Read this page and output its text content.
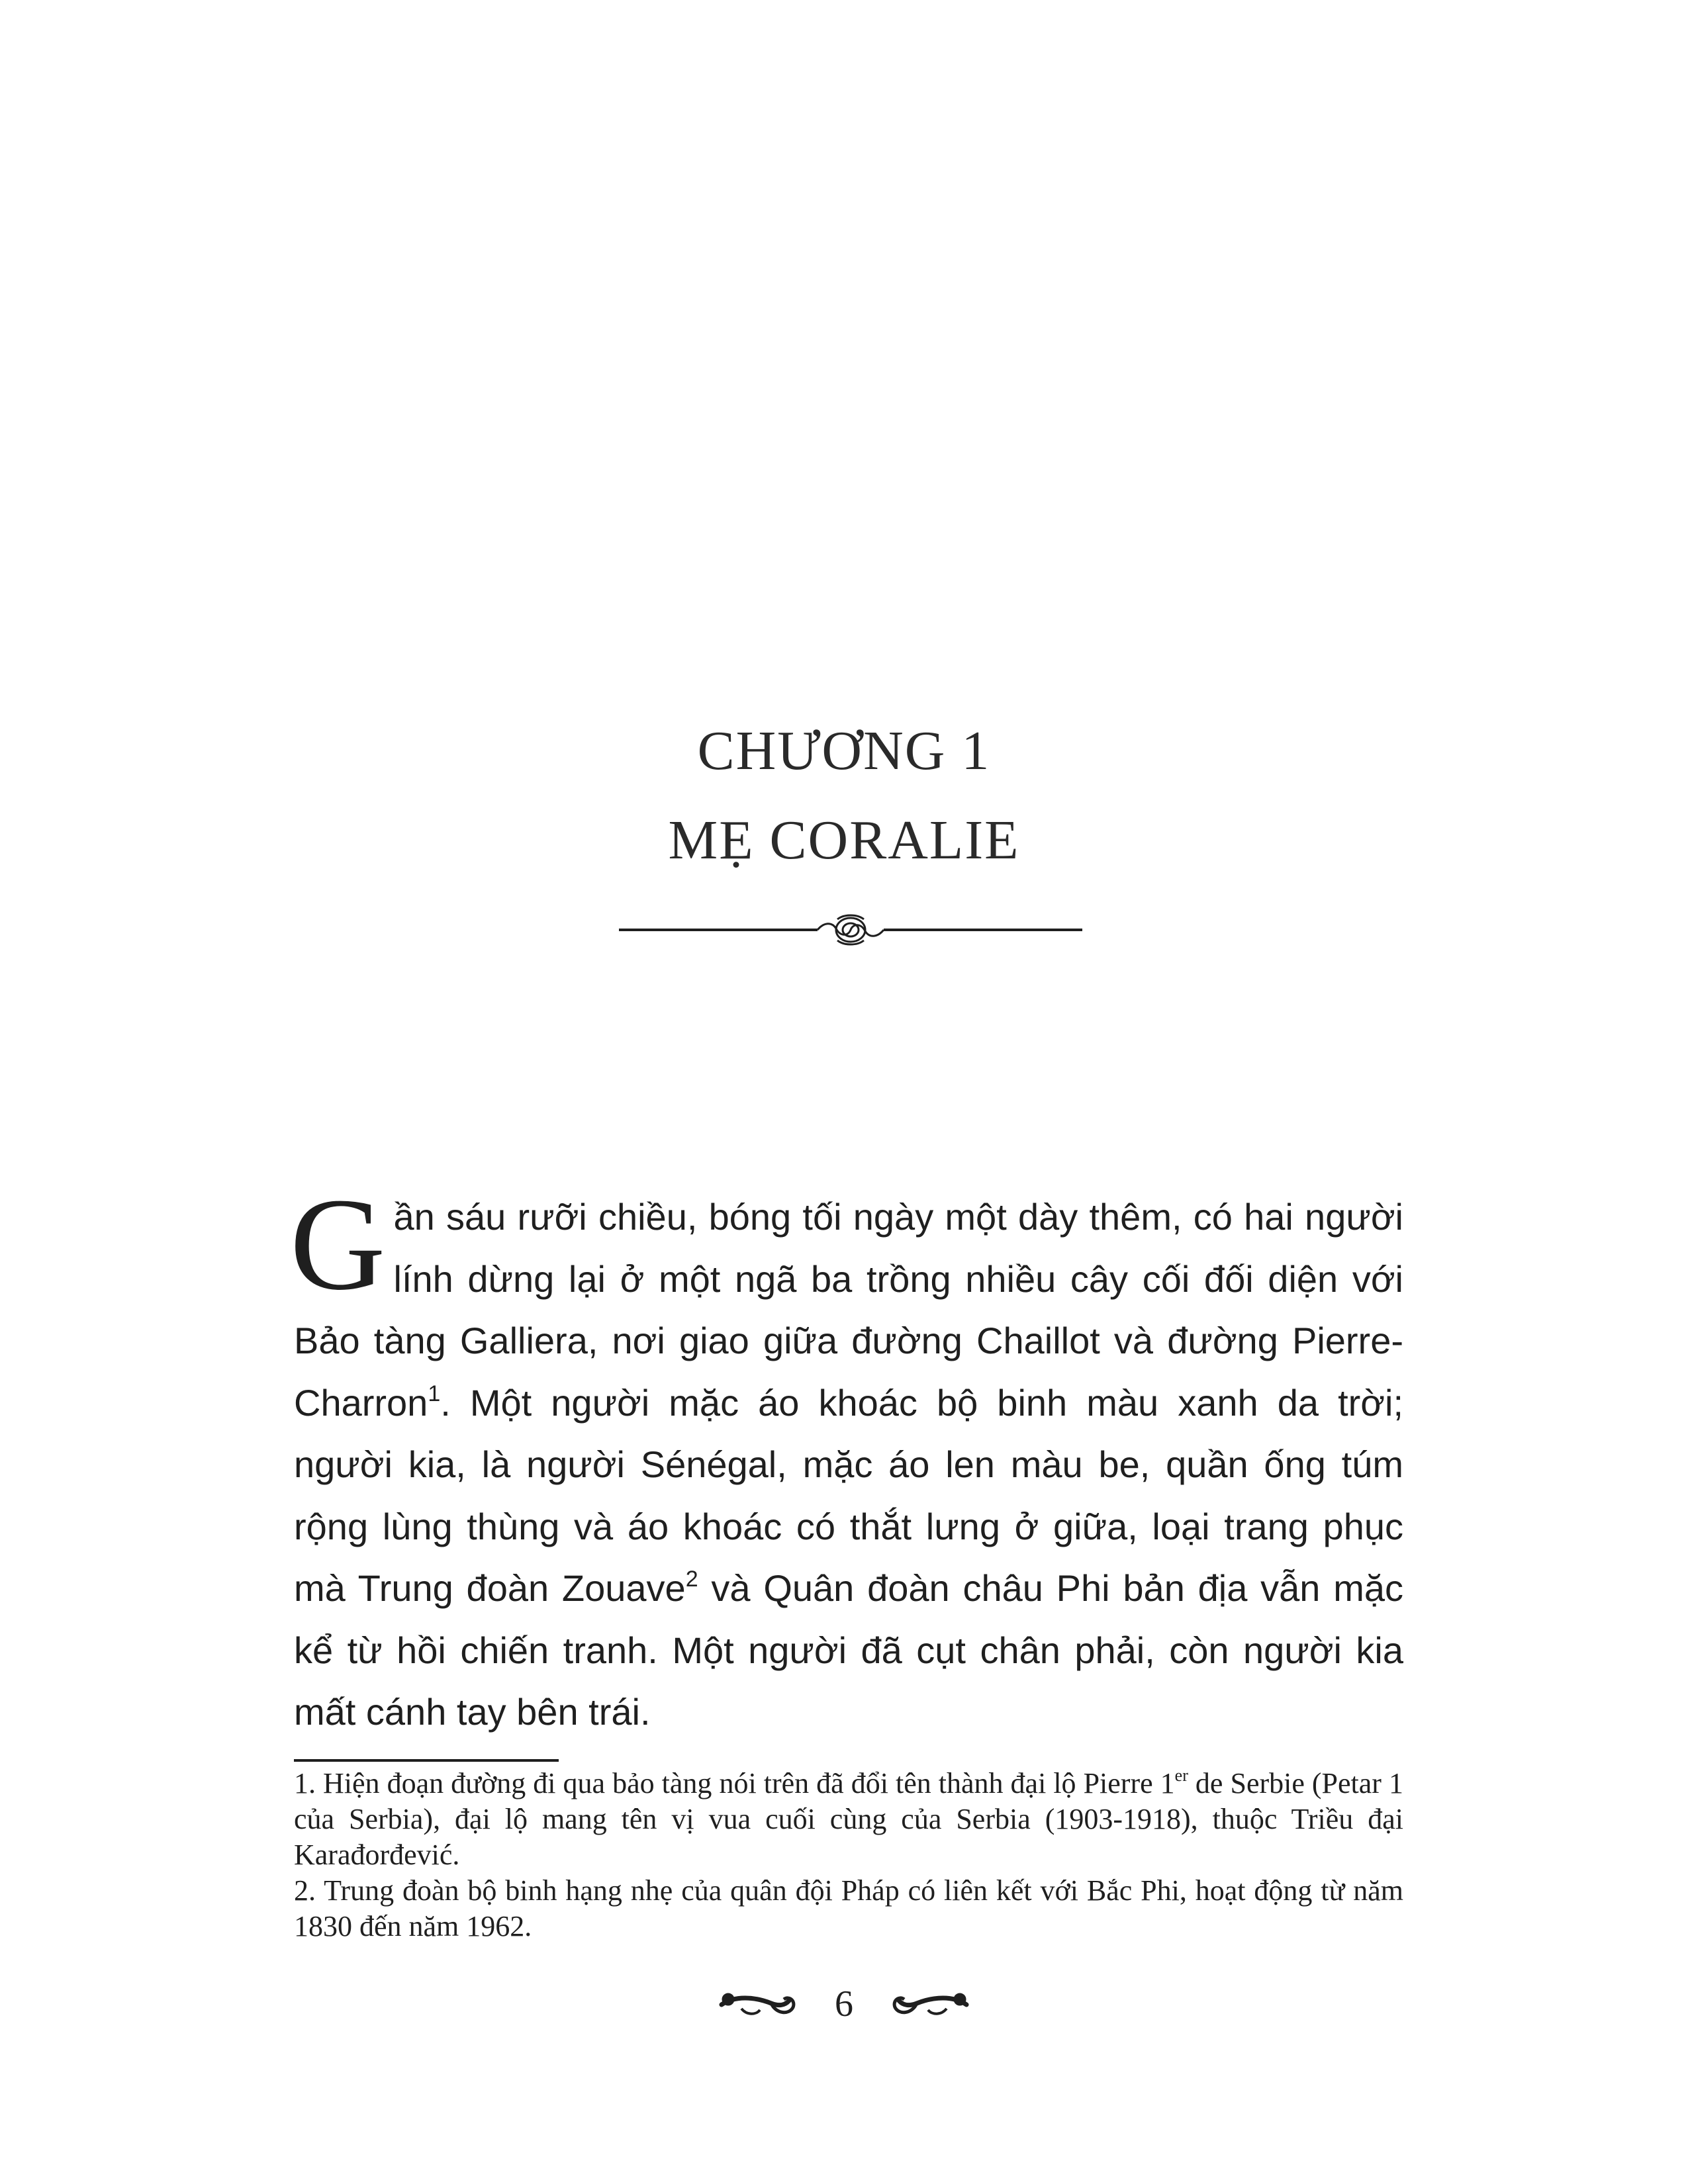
CHƯƠNG 1
MẸ CORALIE

Gần sáu rưỡi chiều, bóng tối ngày một dày thêm, có hai người lính dừng lại ở một ngã ba trồng nhiều cây cối đối diện với Bảo tàng Galliera, nơi giao giữa đường Chaillot và đường Pierre-Charron$^1$. Một người mặc áo khoác bộ binh màu xanh da trời; người kia, là người Sénégal, mặc áo len màu be, quần ống túm rộng lùng thùng và áo khoác có thắt lưng ở giữa, loại trang phục mà Trung đoàn Zouave$^2$ và Quân đoàn châu Phi bản địa vẫn mặc kể từ hồi chiến tranh. Một người đã cụt chân phải, còn người kia mất cánh tay bên trái.

1. Hiện đoạn đường đi qua bảo tàng nói trên đã đổi tên thành đại lộ Pierre 1er de Serbie (Petar 1 của Serbia), đại lộ mang tên vị vua cuối cùng của Serbia (1903-1918), thuộc Triều đại Karađorđević.

2. Trung đoàn bộ binh hạng nhẹ của quân đội Pháp có liên kết với Bắc Phi, hoạt động từ năm 1830 đến năm 1962.

6
